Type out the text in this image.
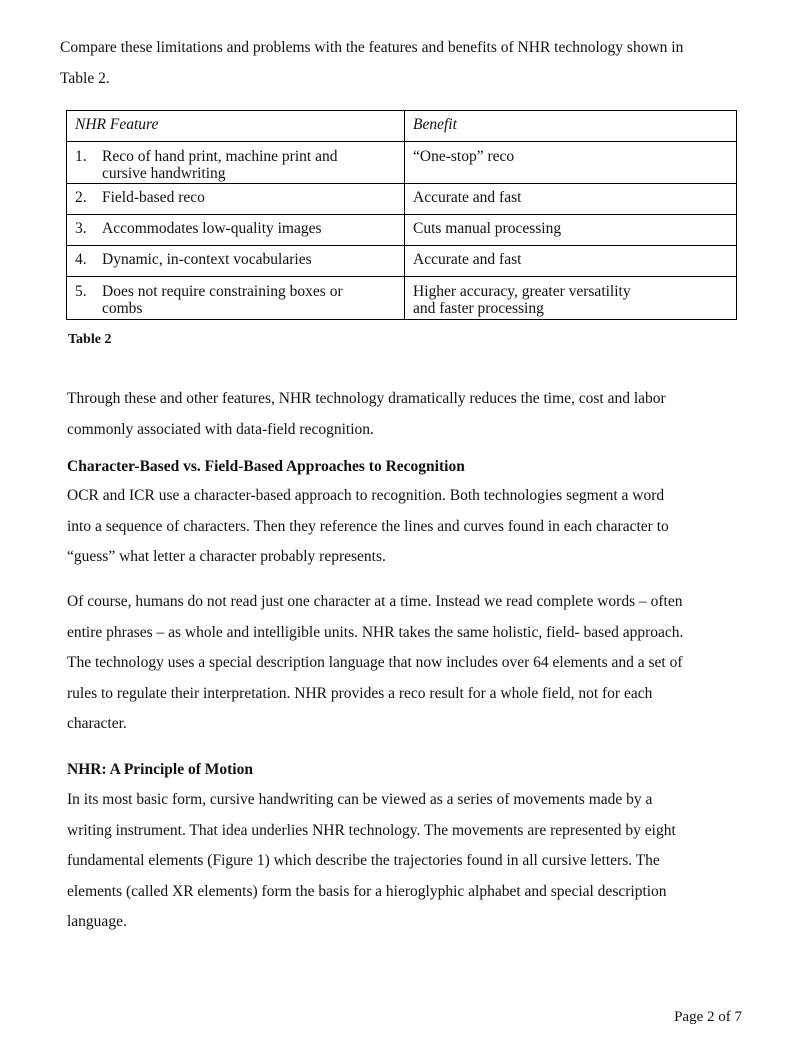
Compare these limitations and problems with the features and benefits of NHR technology shown in
Table 2.
NHR Feature	Benefit

1. Reco of hand print, machine print and
cursive handwriting	“One-stop” reco

2. Field-based reco	Accurate and fast

3. Accommodates low-quality images	Cuts manual processing

4. Dynamic, in-context vocabularies	Accurate and fast

5. Does not require constraining boxes or
combs	Higher accuracy, greater versatility
and faster processing
Table 2
Through these and other features, NHR technology dramatically reduces the time, cost and labor
commonly associated with data-field recognition.
Character-Based vs. Field-Based Approaches to Recognition
OCR and ICR use a character-based approach to recognition. Both technologies segment a word
into a sequence of characters. Then they reference the lines and curves found in each character to
“guess” what letter a character probably represents.
Of course, humans do not read just one character at a time. Instead we read complete words – often
entire phrases – as whole and intelligible units. NHR takes the same holistic, field- based approach.
The technology uses a special description language that now includes over 64 elements and a set of
rules to regulate their interpretation. NHR provides a reco result for a whole field, not for each
character.
NHR: A Principle of Motion
In its most basic form, cursive handwriting can be viewed as a series of movements made by a
writing instrument. That idea underlies NHR technology. The movements are represented by eight
fundamental elements (Figure 1) which describe the trajectories found in all cursive letters. The
elements (called XR elements) form the basis for a hieroglyphic alphabet and special description
language.
Page 2 of 7
